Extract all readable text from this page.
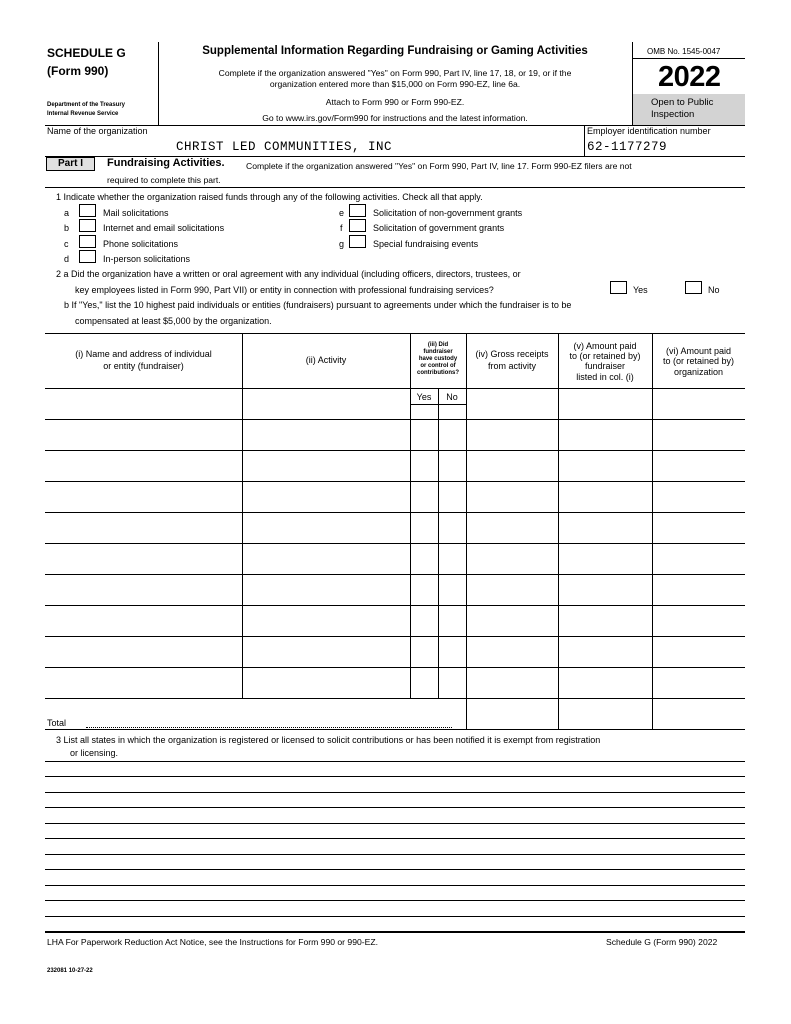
SCHEDULE G
(Form 990)
Department of the Treasury
Internal Revenue Service
Supplemental Information Regarding Fundraising or Gaming Activities
Complete if the organization answered "Yes" on Form 990, Part IV, line 17, 18, or 19, or if the
organization entered more than $15,000 on Form 990-EZ, line 6a.
Attach to Form 990 or Form 990-EZ.
Go to www.irs.gov/Form990 for instructions and the latest information.
OMB No. 1545-0047
2022
Open to Public
Inspection
Name of the organization
CHRIST LED COMMUNITIES, INC
Employer identification number
62-1177279
Part I	Fundraising Activities. Complete if the organization answered "Yes" on Form 990, Part IV, line 17. Form 990-EZ filers are not
required to complete this part.
1 Indicate whether the organization raised funds through any of the following activities. Check all that apply.
a	Mail solicitations
b	Internet and email solicitations
c	Phone solicitations
d	In-person solicitations
e	Solicitation of non-government grants
f	Solicitation of government grants
g	Special fundraising events
2 a Did the organization have a written or oral agreement with any individual (including officers, directors, trustees, or
key employees listed in Form 990, Part VII) or entity in connection with professional fundraising services?	Yes	No
b If "Yes," list the 10 highest paid individuals or entities (fundraisers) pursuant to agreements under which the fundraiser is to be
compensated at least $5,000 by the organization.
(i) Name and address of individual
or entity (fundraiser)
(ii) Activity
(iii) Did
fundraiser
have custody
or control of
contributions?
(iv) Gross receipts
from activity
(v) Amount paid
to (or retained by)
fundraiser
listed in col. (i)
(vi) Amount paid
to (or retained by)
organization
Yes	No
Total
3 List all states in which the organization is registered or licensed to solicit contributions or has been notified it is exempt from registration
or licensing.
LHA For Paperwork Reduction Act Notice, see the Instructions for Form 990 or 990-EZ.	Schedule G (Form 990) 2022
232081 10-27-22
